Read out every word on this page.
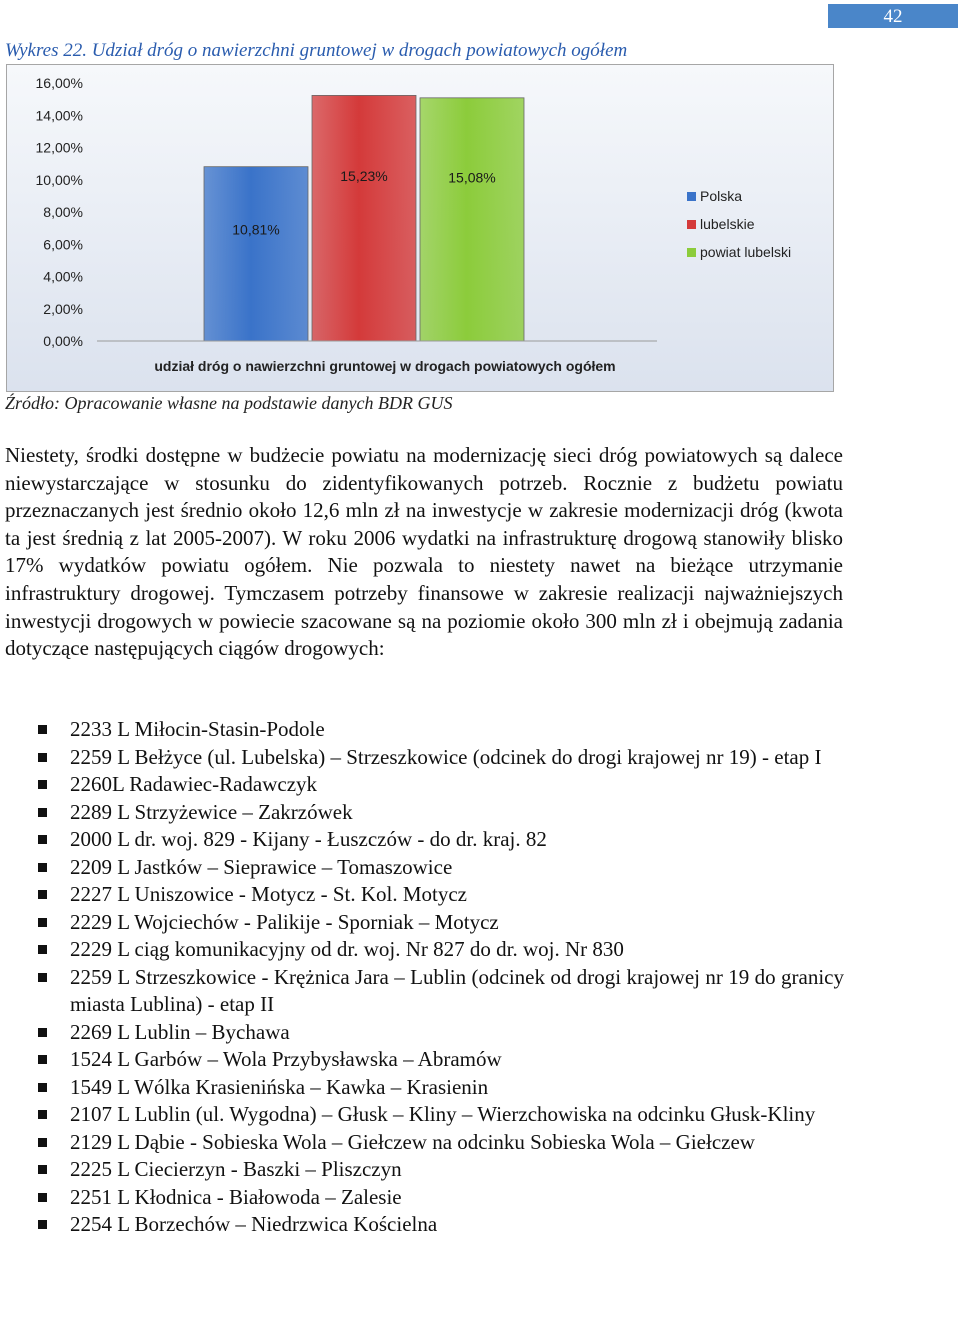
42
Wykres 22. Udział dróg o nawierzchni gruntowej w drogach powiatowych ogółem
16,00%
14,00%
12,00%
10,00%
8,00%
6,00%
4,00%
2,00%
0,00%
10,81%
15,23%	15,08%
udział dróg o nawierzchni gruntowej w drogach powiatowych ogółem
Polska
lubelskie
powiat lubelski
Źródło: Opracowanie własne na podstawie danych BDR GUS

Niestety, środki dostępne w budżecie powiatu na modernizację sieci dróg powiatowych są dalece niewystarczające w stosunku do zidentyfikowanych potrzeb. Rocznie z budżetu powiatu przeznaczanych jest średnio około 12,6 mln zł na inwestycje w zakresie modernizacji dróg (kwota ta jest średnią z lat 2005-2007). W roku 2006 wydatki na infrastrukturę drogową stanowiły blisko 17% wydatków powiatu ogółem. Nie pozwala to niestety nawet na bieżące utrzymanie infrastruktury drogowej. Tymczasem potrzeby finansowe w zakresie realizacji najważniejszych inwestycji drogowych w powiecie szacowane są na poziomie około 300 mln zł i obejmują zadania dotyczące następujących ciągów drogowych:

2233 L Miłocin-Stasin-Podole
2259 L Bełżyce (ul. Lubelska) – Strzeszkowice (odcinek do drogi krajowej nr 19) - etap I
2260L Radawiec-Radawczyk
2289 L Strzyżewice – Zakrzówek
2000 L dr. woj. 829 - Kijany - Łuszczów - do dr. kraj. 82
2209 L Jastków – Sieprawice – Tomaszowice
2227 L Uniszowice - Motycz - St. Kol. Motycz
2229 L Wojciechów - Palikije - Sporniak – Motycz
2229 L ciąg komunikacyjny od dr. woj. Nr 827 do dr. woj. Nr 830
2259 L Strzeszkowice - Krężnica Jara – Lublin (odcinek od drogi krajowej nr 19 do granicy miasta Lublina) - etap II
2269 L Lublin – Bychawa
1524 L Garbów – Wola Przybysławska – Abramów
1549 L Wólka Krasienińska – Kawka – Krasienin
2107 L Lublin (ul. Wygodna) – Głusk – Kliny – Wierzchowiska na odcinku Głusk-Kliny
2129 L Dąbie - Sobieska Wola – Giełczew na odcinku Sobieska Wola – Giełczew
2225 L Ciecierzyn - Baszki – Pliszczyn
2251 L Kłodnica - Białowoda – Zalesie
2254 L Borzechów – Niedrzwica Kościelna
